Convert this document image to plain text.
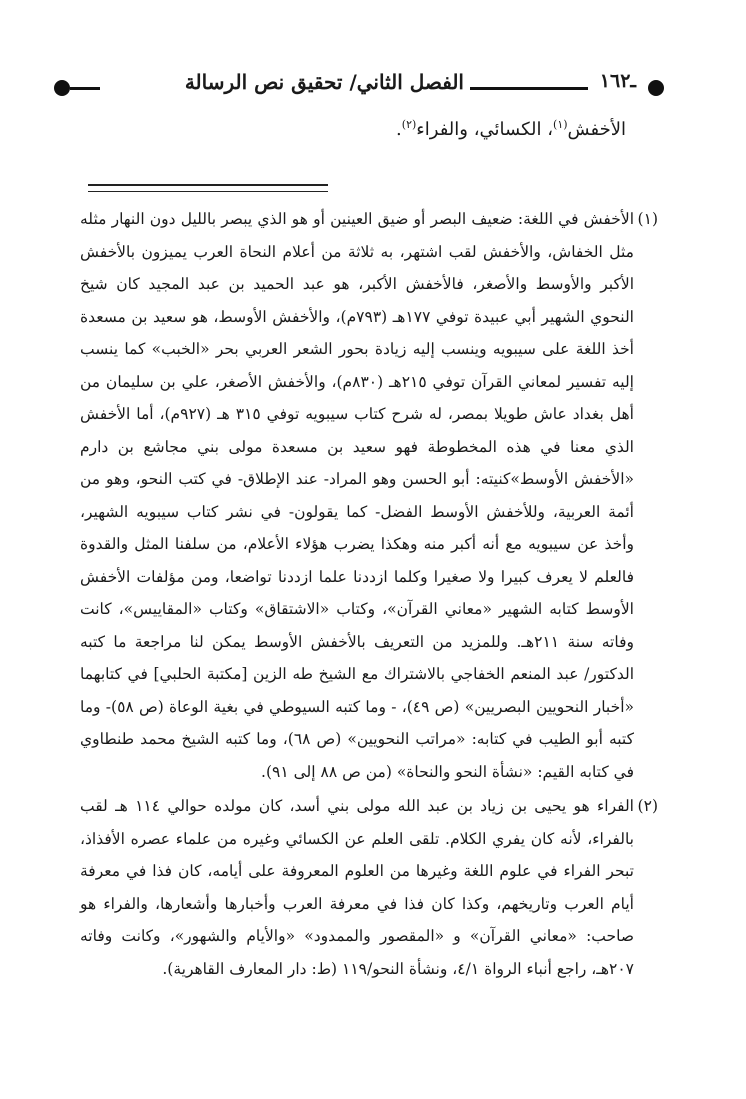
ـ١٦٢
الفصل الثاني/ تحقيق نص الرسالة
الأخفش$^{(١)}$، الكسائي، والفراء$^{(٢)}$.
(١)
الأخفش في اللغة: ضعيف البصر أو ضيق العينين أو هو الذي يبصر بالليل دون النهار مثله مثل الخفاش، والأخفش لقب اشتهر، به ثلاثة من أعلام النحاة العرب يميزون بالأخفش الأكبر والأوسط والأصغر، فالأخفش الأكبر، هو عبد الحميد بن عبد المجيد كان شيخ النحوي الشهير أبي عبيدة توفي ١٧٧هـ (٧٩٣م)، والأخفش الأوسط، هو سعيد بن مسعدة أخذ اللغة على سيبويه وينسب إليه زيادة بحور الشعر العربي بحر «الخبب» كما ينسب إليه تفسير لمعاني القرآن توفي ٢١٥هـ (٨٣٠م)، والأخفش الأصغر، علي بن سليمان من أهل بغداد عاش طويلا بمصر، له شرح كتاب سيبويه توفي ٣١٥ هـ (٩٢٧م)، أما الأخفش الذي معنا في هذه المخطوطة فهو سعيد بن مسعدة مولى بني مجاشع بن دارم «الأخفش الأوسط»كنيته: أبو الحسن وهو المراد- عند الإطلاق- في كتب النحو، وهو من أئمة العربية، وللأخفش الأوسط الفضل- كما يقولون- في نشر كتاب سيبويه الشهير، وأخذ عن سيبويه مع أنه أكبر منه وهكذا يضرب هؤلاء الأعلام، من سلفنا المثل والقدوة فالعلم لا يعرف كبيرا ولا صغيرا وكلما ازددنا علما ازددنا تواضعا، ومن مؤلفات الأخفش الأوسط كتابه الشهير «معاني القرآن»، وكتاب «الاشتقاق» وكتاب «المقاييس»، كانت وفاته سنة ٢١١هـ. وللمزيد من التعريف بالأخفش الأوسط يمكن لنا مراجعة ما كتبه الدكتور/ عبد المنعم الخفاجي بالاشتراك مع الشيخ طه الزين [مكتبة الحلبي] في كتابهما «أخبار النحويين البصريين» (ص ٤٩)، - وما كتبه السيوطي في بغية الوعاة (ص ٥٨)- وما كتبه أبو الطيب في كتابه: «مراتب النحويين» (ص ٦٨)، وما كتبه الشيخ محمد طنطاوي في كتابه القيم: «نشأة النحو والنحاة» (من ص ٨٨ إلى ٩١).
(٢)
الفراء هو يحيى بن زياد بن عبد الله مولى بني أسد، كان مولده حوالي ١١٤ هـ لقب بالفراء، لأنه كان يفري الكلام. تلقى العلم عن الكسائي وغيره من علماء عصره الأفذاذ، تبحر الفراء في علوم اللغة وغيرها من العلوم المعروفة على أيامه، كان فذا في معرفة أيام العرب وتاريخهم، وكذا كان فذا في معرفة العرب وأخبارها وأشعارها، والفراء هو صاحب: «معاني القرآن» و «المقصور والممدود» «والأيام والشهور»، وكانت وفاته ٢٠٧هـ، راجع أنباء الرواة ٤/١، ونشأة النحو/١١٩ (ط: دار المعارف القاهرية).
